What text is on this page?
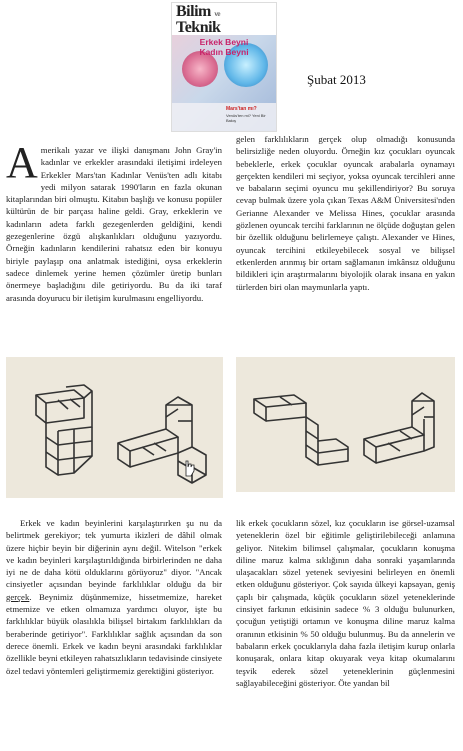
Bilim ve
Teknik
Erkek Beyni
Kadın Beyni
Mars'tan mı?
Venüs'ten mi? Yeni Bir Bakış
Şubat 2013

Amerikalı yazar ve ilişki danışmanı John Gray'in kadınlar ve erkekler arasındaki iletişimi irdeleyen Erkekler Mars'tan Kadınlar Venüs'ten adlı kitabı yedi milyon satarak 1990'ların en fazla okunan kitaplarından biri olmuştu. Kitabın başlığı ve konusu popüler kültürün de bir parçası haline geldi. Gray, erkeklerin ve kadınların adeta farklı gezegenlerden geldiğini, kendi gezegenlerine özgü alışkanlıkları olduğunu yazıyordu. Örneğin kadınların kendilerini rahatsız eden bir konuyu biriyle paylaşıp ona anlatmak istediğini, oysa erkeklerin sadece dinlemek yerine hemen çözümler üretip bunları önermeye başladığını dile getiriyordu. Bu da iki taraf arasında doyurucu bir iletişim kurulmasını engelliyordu.

gelen farklılıkların gerçek olup olmadığı konusunda belirsizliğe neden oluyordu. Örneğin kız çocukları oyuncak bebeklerle, erkek çocuklar oyuncak arabalarla oynamayı gerçekten kendileri mi seçiyor, yoksa oyuncak tercihleri anne ve babaların seçimi oyuncu mu şekillendiriyor? Bu soruya cevap bulmak üzere yola çıkan Texas A&M Üniversitesi'nden Gerianne Alexander ve Melissa Hines, çocuklar arasında gözlenen oyuncak tercihi farklarının ne ölçüde doğuştan gelen bir özellik olduğunu belirlemeye çalıştı. Alexander ve Hines, oyuncak tercihini etkileyebilecek sosyal ve bilişsel etkenlerden arınmış bir ortam sağlamanın imkânsız olduğunu bildikleri için araştırmalarını biyolojik olarak insana en yakın türlerden biri olan maymunlarla yaptı.

Erkek ve kadın beyinlerini karşılaştırırken şu nu da belirtmek gerekiyor; tek yumurta ikizleri de dâhil olmak üzere hiçbir beyin bir diğerinin aynı değil. Witelson "erkek ve kadın beyinleri karşılaştırıldığında birbirlerinden ne daha iyi ne de daha kötü olduklarını görüyoruz" diyor. "Ancak cinsiyetler açısından beyinde farklılıklar olduğu da bir gerçek. Beynimiz düşünmemize, hissetmemize, hareket etmemize ve etken olmamıza yardımcı oluyor, işte bu farklılıklar büyük olasılıkla bilişsel birtakım farklılıkları da beraberinde getiriyor". Farklılıklar sağlık açısından da son derece önemli. Erkek ve kadın beyni arasındaki farklılıklar özellikle beyni etkileyen rahatsızlıkların tedavisinde cinsiyete özel tedavi yöntemleri geliştirmemiz gerektiğini gösteriyor.

lik erkek çocukların sözel, kız çocukların ise görsel-uzamsal yeteneklerin özel bir eğitimle geliştirilebileceği anlamına geliyor. Nitekim bilimsel çalışmalar, çocukların konuşma diline maruz kalma sıklığının daha sonraki yaşamlarında ulaşacakları sözel yetenek seviyesini belirleyen en önemli etken olduğunu gösteriyor. Çok sayıda ülkeyi kapsayan, geniş çaplı bir çalışmada, küçük çocukların sözel yeteneklerinde cinsiyet farkının etkisinin sadece % 3 olduğu bulunurken, çocuğun yetiştiği ortamın ve konuşma diline maruz kalma oranının etkisinin % 50 olduğu bulunmuş. Bu da annelerin ve babaların erkek çocuklarıyla daha fazla iletişim kurup onlarla konuşarak, onlara kitap okuyarak veya kitap okumalarını teşvik ederek sözel yeteneklerinin güçlenmesini sağlayabileceğini gösteriyor. Öte yandan bil
